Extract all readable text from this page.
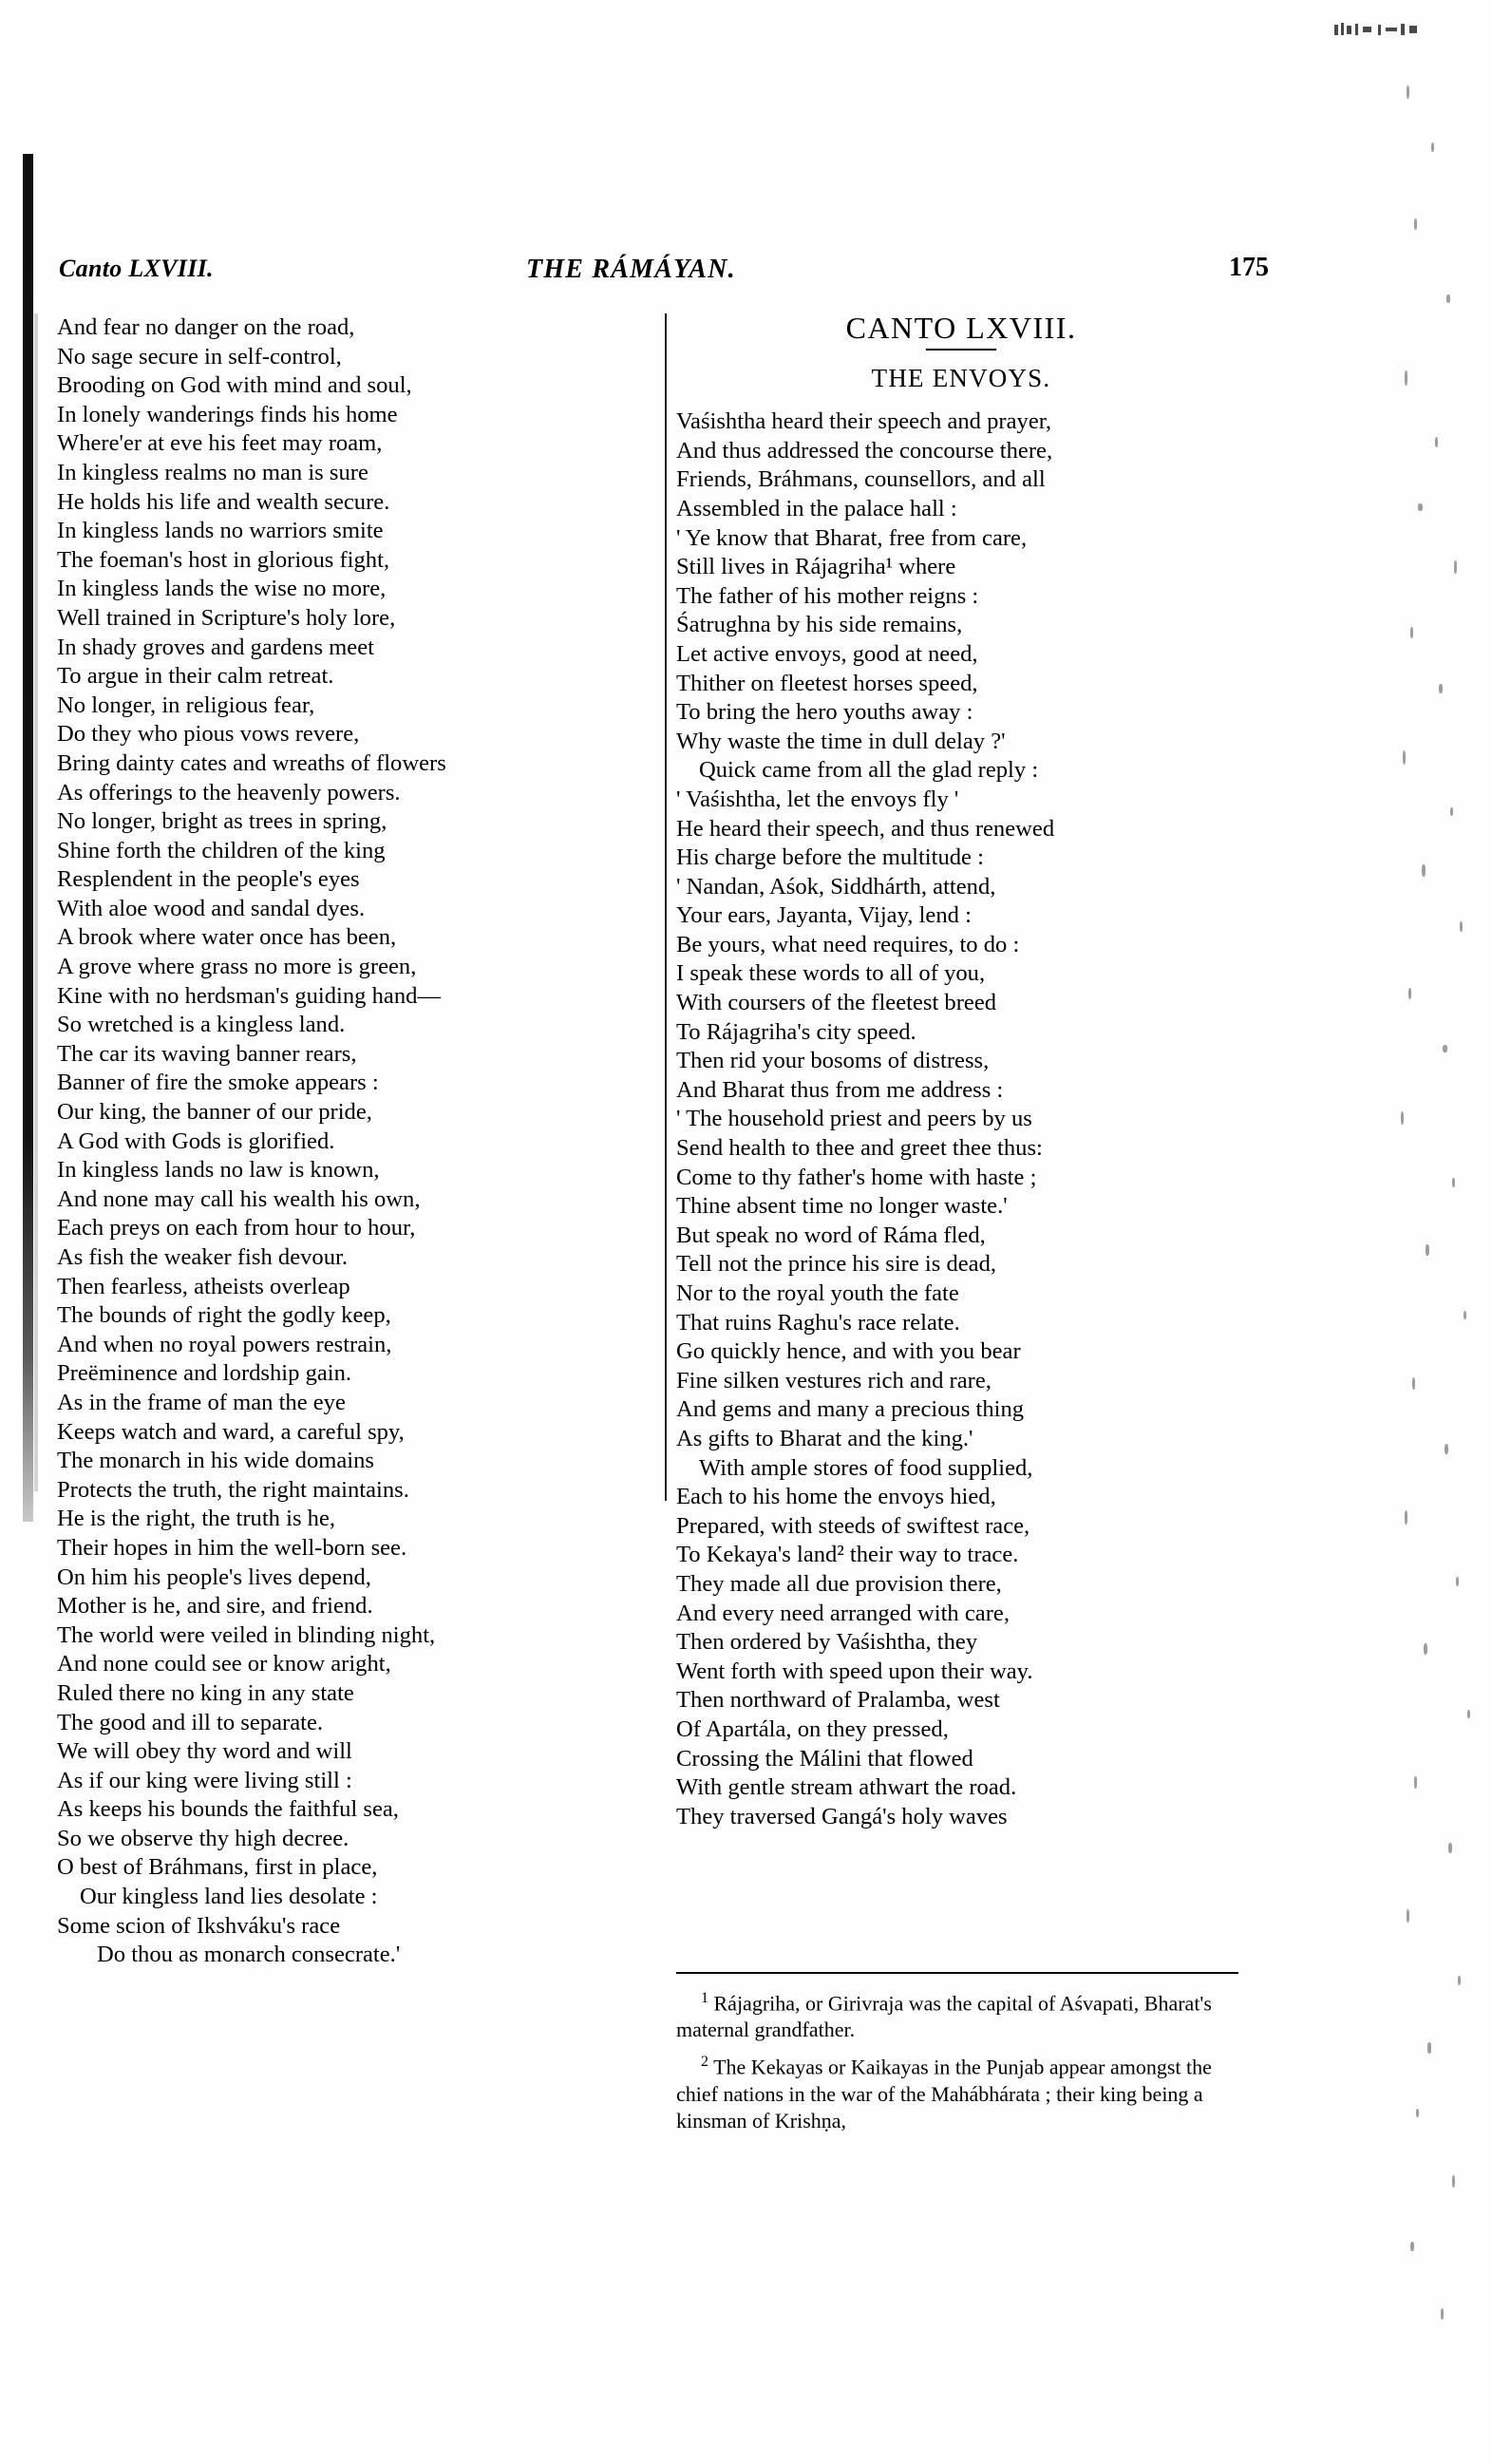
Canto LXVIII.	THE RÁMÁYAN.	175
And fear no danger on the road,
No sage secure in self-control,
Brooding on God with mind and soul,
In lonely wanderings finds his home
Where'er at eve his feet may roam,
In kingless realms no man is sure
He holds his life and wealth secure.
In kingless lands no warriors smite
The foeman's host in glorious fight,
In kingless lands the wise no more,
Well trained in Scripture's holy lore,
In shady groves and gardens meet
To argue in their calm retreat.
No longer, in religious fear,
Do they who pious vows revere,
Bring dainty cates and wreaths of flowers
As offerings to the heavenly powers.
No longer, bright as trees in spring,
Shine forth the children of the king
Resplendent in the people's eyes
With aloe wood and sandal dyes.
A brook where water once has been,
A grove where grass no more is green,
Kine with no herdsman's guiding hand—
So wretched is a kingless land.
The car its waving banner rears,
Banner of fire the smoke appears :
Our king, the banner of our pride,
A God with Gods is glorified.
In kingless lands no law is known,
And none may call his wealth his own,
Each preys on each from hour to hour,
As fish the weaker fish devour.
Then fearless, atheists overleap
The bounds of right the godly keep,
And when no royal powers restrain,
Preëminence and lordship gain.
As in the frame of man the eye
Keeps watch and ward, a careful spy,
The monarch in his wide domains
Protects the truth, the right maintains.
He is the right, the truth is he,
Their hopes in him the well-born see.
On him his people's lives depend,
Mother is he, and sire, and friend.
The world were veiled in blinding night,
And none could see or know aright,
Ruled there no king in any state
The good and ill to separate.
We will obey thy word and will
As if our king were living still :
As keeps his bounds the faithful sea,
So we observe thy high decree.
O best of Bráhmans, first in place,
Our kingless land lies desolate :
Some scion of Ikshváku's race
Do thou as monarch consecrate.'
CANTO LXVIII.
THE ENVOYS.
Vaśishtha heard their speech and prayer,
And thus addressed the concourse there,
Friends, Bráhmans, counsellors, and all
Assembled in the palace hall :
' Ye know that Bharat, free from care,
Still lives in Rájagriha¹ where
The father of his mother reigns :
Śatrughna by his side remains,
Let active envoys, good at need,
Thither on fleetest horses speed,
To bring the hero youths away :
Why waste the time in dull delay ?'
Quick came from all the glad reply :
' Vaśishtha, let the envoys fly '
He heard their speech, and thus renewed
His charge before the multitude :
' Nandan, Aśok, Siddhárth, attend,
Your ears, Jayanta, Vijay, lend :
Be yours, what need requires, to do :
I speak these words to all of you,
With coursers of the fleetest breed
To Rájagriha's city speed.
Then rid your bosoms of distress,
And Bharat thus from me address :
' The household priest and peers by us
Send health to thee and greet thee thus:
Come to thy father's home with haste ;
Thine absent time no longer waste.'
But speak no word of Ráma fled,
Tell not the prince his sire is dead,
Nor to the royal youth the fate
That ruins Raghu's race relate.
Go quickly hence, and with you bear
Fine silken vestures rich and rare,
And gems and many a precious thing
As gifts to Bharat and the king.'
With ample stores of food supplied,
Each to his home the envoys hied,
Prepared, with steeds of swiftest race,
To Kekaya's land² their way to trace.
They made all due provision there,
And every need arranged with care,
Then ordered by Vaśishtha, they
Went forth with speed upon their way.
Then northward of Pralamba, west
Of Apartála, on they pressed,
Crossing the Málini that flowed
With gentle stream athwart the road.
They traversed Gangá's holy waves

$^1$ Rájagriha, or Girivraja was the capital of Aśvapati, Bharat's maternal grandfather.

$^2$ The Kekayas or Kaikayas in the Punjab appear amongst the chief nations in the war of the Mahábhárata ; their king being a kinsman of Krishṇa,
